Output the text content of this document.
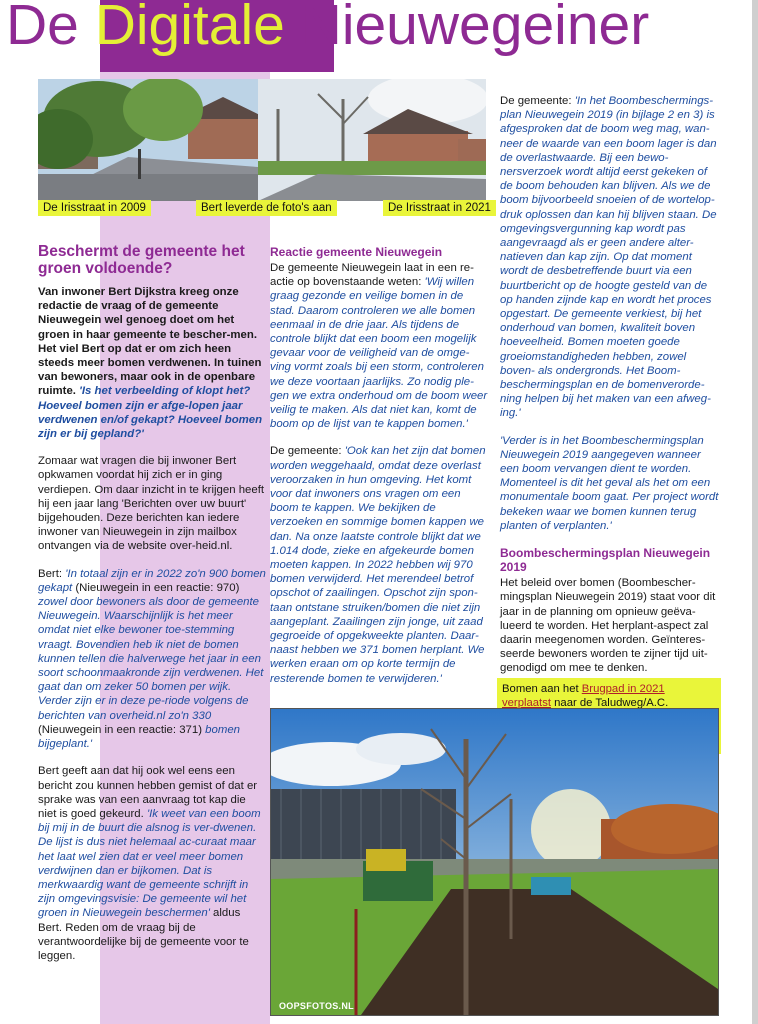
De Digitale Nieuwegeiner
De Irisstraat in 2009	Bert leverde de foto's aan	De Irisstraat in 2021
Beschermt de gemeente het groen voldoende?

Van inwoner Bert Dijkstra kreeg onze redactie de vraag of de gemeente Nieuwegein wel genoeg doet om het groen in haar gemeente te bescher-men. Het viel Bert op dat er om zich heen steeds meer bomen verdwenen. In tuinen van bewoners, maar ook in de openbare ruimte. 'Is het verbeelding of klopt het? Hoeveel bomen zijn er afge-lopen jaar verdwenen en/of gekapt? Hoeveel bomen zijn er bij gepland?'

Zomaar wat vragen die bij inwoner Bert opkwamen voordat hij zich er in ging verdiepen. Om daar inzicht in te krijgen heeft hij een jaar lang 'Berichten over uw buurt' bijgehouden. Deze berichten kan iedere inwoner van Nieuwegein in zijn mailbox ontvangen via de website over-heid.nl.

Bert: 'In totaal zijn er in 2022 zo'n 900 bomen gekapt (Nieuwegein in een reactie: 970) zowel door bewoners als door de gemeente Nieuwegein. Waarschijnlijk is het meer omdat niet elke bewoner toe-stemming vraagt. Bovendien heb ik niet de bomen kunnen tellen die halverwege het jaar in een soort schoonmaakronde zijn verdwenen. Het gaat dan om zeker 50 bomen per wijk. Verder zijn er in deze pe-riode volgens de berichten van overheid.nl zo'n 330 (Nieuwegein in een reactie: 371) bomen bijgeplant.'

Bert geeft aan dat hij ook wel eens een bericht zou kunnen hebben gemist of dat er sprake was van een aanvraag tot kap die niet is goed gekeurd. 'Ik weet van een boom bij mij in de buurt die alsnog is ver-dwenen. De lijst is dus niet helemaal ac-curaat maar het laat wel zien dat er veel meer bomen verdwijnen dan er bijkomen. Dat is merkwaardig want de gemeente schrijft in zijn omgevingsvisie: De gemeente wil het groen in Nieuwegein beschermen' aldus Bert. Reden om de vraag bij de verantwoordelijke bij de gemeente voor te leggen.

Reactie gemeente Nieuwegein

De gemeente Nieuwegein laat in een re-actie op bovenstaande weten: 'Wij willen graag gezonde en veilige bomen in de stad. Daarom controleren we alle bomen eenmaal in de drie jaar. Als tijdens de controle blijkt dat een boom een mogelijk gevaar voor de veiligheid van de omge-ving vormt zoals bij een storm, controleren we deze voortaan jaarlijks. Zo nodig ple-gen we extra onderhoud om de boom weer veilig te maken. Als dat niet kan, komt de boom op de lijst van te kappen bomen.'

De gemeente: 'Ook kan het zijn dat bomen worden weggehaald, omdat deze overlast veroorzaken in hun omgeving. Het komt voor dat inwoners ons vragen om een boom te kappen. We bekijken de verzoeken en sommige bomen kappen we dan. Na onze laatste controle blijkt dat we 1.014 dode, zieke en afgekeurde bomen moeten kappen. In 2022 hebben wij 970 bomen verwijderd. Het merendeel betrof opschot of zaailingen. Opschot zijn spon-taan ontstane struiken/bomen die niet zijn aangeplant. Zaailingen zijn jonge, uit zaad gegroeide of opgekweekte planten. Daar-naast hebben we 371 bomen herplant. We werken eraan om op korte termijn de resterende bomen te verwijderen.'

De gemeente: 'In het Boombeschermings-plan Nieuwegein 2019 (in bijlage 2 en 3) is afgesproken dat de boom weg mag, wan-neer de waarde van een boom lager is dan de overlastwaarde. Bij een bewo-nersverzoek wordt altijd eerst gekeken of de boom behouden kan blijven. Als we de boom bijvoorbeeld snoeien of de wortelop-druk oplossen dan kan hij blijven staan. De omgevingsvergunning kap wordt pas aangevraagd als er geen andere alter-natieven dan kap zijn. Op dat moment wordt de desbetreffende buurt via een buurtbericht op de hoogte gesteld van de op handen zijnde kap en wordt het proces opgestart. De gemeente verkiest, bij het onderhoud van bomen, kwaliteit boven hoeveelheid. Bomen moeten goede groeiomstandigheden hebben, zowel boven- als ondergronds. Het Boom-beschermingsplan en de bomenverorde-ning helpen bij het maken van een afweg-ing.'

'Verder is in het Boombeschermingsplan Nieuwegein 2019 aangegeven wanneer een boom vervangen dient te worden. Momenteel is dit het geval als het om een monumentale boom gaat. Per project wordt bekeken waar we bomen kunnen terug planten of verplanten.'

Boombeschermingsplan Nieuwegein 2019

Het beleid over bomen (Boombescher-mingsplan Nieuwegein 2019) staat voor dit jaar in de planning om opnieuw geëva-lueerd te worden. Het herplant-aspect zal daarin meegenomen worden. Geïnteres-seerde bewoners worden te zijner tijd uit-genodigd om mee te denken.

Bomen aan het Brugpad in 2021 verplaatst naar de Taludweg/A.C.
OOPSFOTOS.NL
